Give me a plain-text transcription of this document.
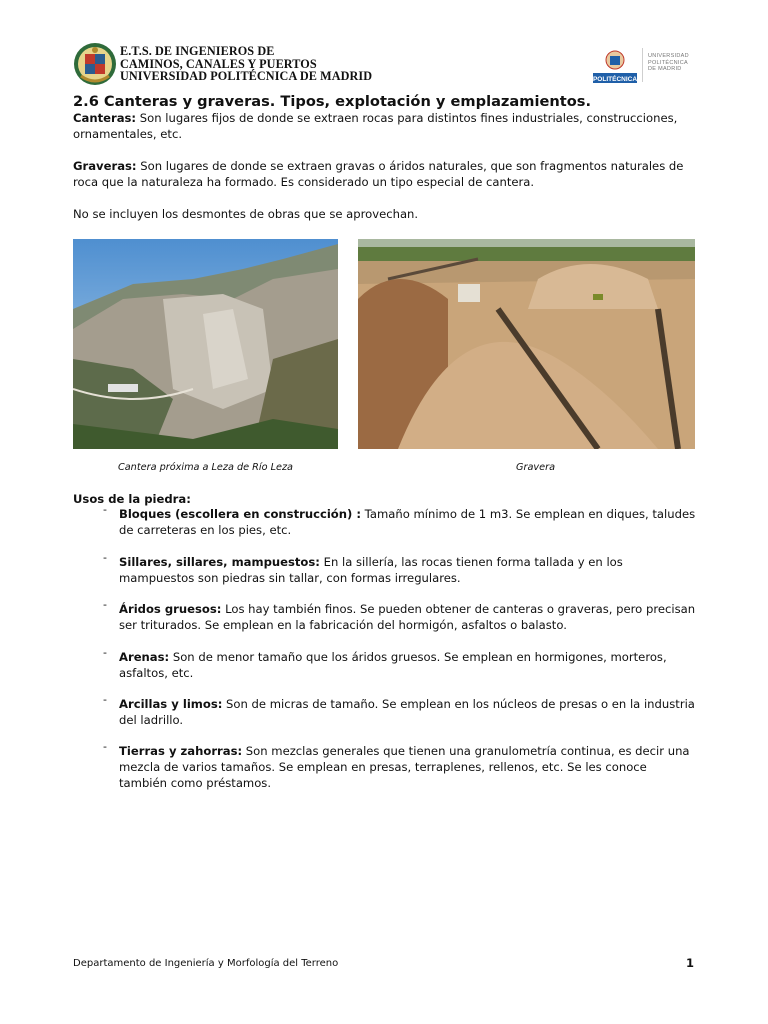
E.T.S. DE INGENIEROS DE
CAMINOS, CANALES Y PUERTOS
UNIVERSIDAD POLITÉCNICA DE MADRID	POLITÉCNICA
UNIVERSIDAD
POLITÉCNICA
DE MADRID
2.6 Canteras y graveras. Tipos, explotación y emplazamientos.
Canteras: Son lugares fijos de donde se extraen rocas para distintos fines industriales, construcciones, ornamentales, etc.
Graveras: Son lugares de donde se extraen gravas o áridos naturales, que son fragmentos naturales de roca que la naturaleza ha formado. Es considerado un tipo especial de cantera.
No se incluyen los desmontes de obras que se aprovechan.
Cantera próxima a Leza de Río Leza	Gravera
Usos de la piedra:
- Bloques (escollera en construcción) : Tamaño mínimo de 1 m3. Se emplean en diques, taludes de carreteras en los pies, etc.
- Sillares, sillares, mampuestos: En la sillería, las rocas tienen forma tallada y en los mampuestos son piedras sin tallar, con formas irregulares.
- Áridos gruesos: Los hay también finos. Se pueden obtener de canteras o graveras, pero precisan ser triturados. Se emplean en la fabricación del hormigón, asfaltos o balasto.
- Arenas: Son de menor tamaño que los áridos gruesos. Se emplean en hormigones, morteros, asfaltos, etc.
- Arcillas y limos: Son de micras de tamaño. Se emplean en los núcleos de presas o en la industria del ladrillo.
- Tierras y zahorras: Son mezclas generales que tienen una granulometría continua, es decir una mezcla de varios tamaños. Se emplean en presas, terraplenes, rellenos, etc. Se les conoce también como préstamos.
Departamento de Ingeniería y Morfología del Terreno	1
